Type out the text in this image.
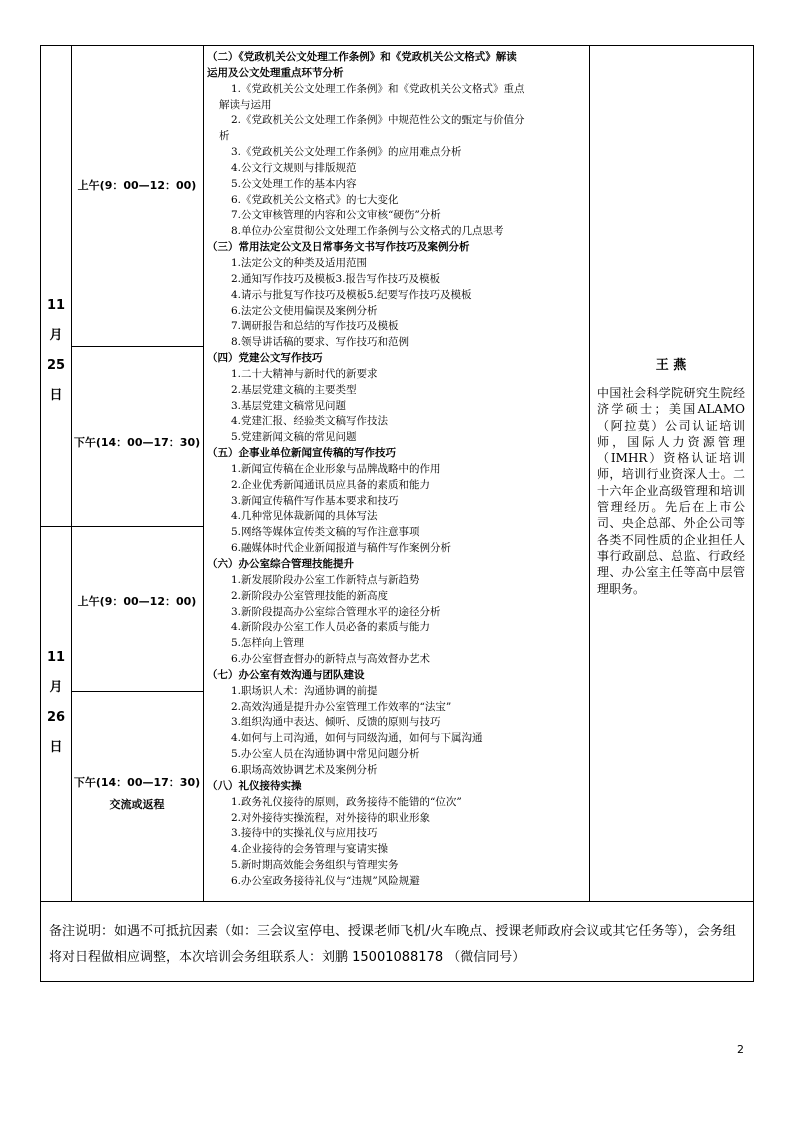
11
月
25
日
11
月
26
日
上午(9：00—12：00)
下午(14：00—17：30)
上午(9：00—12：00)
下午(14：00—17：30)
交流或返程
（二）《党政机关公文处理工作条例》和《党政机关公文格式》解读
运用及公文处理重点环节分析
1.《党政机关公文处理工作条例》和《党政机关公文格式》重点
解读与运用
2.《党政机关公文处理工作条例》中规范性公文的甄定与价值分
析
3.《党政机关公文处理工作条例》的应用难点分析
4.公文行文规则与排版规范
5.公文处理工作的基本内容
6.《党政机关公文格式》的七大变化
7.公文审核管理的内容和公文审核“硬伤”分析
8.单位办公室贯彻公文处理工作条例与公文格式的几点思考
（三）常用法定公文及日常事务文书写作技巧及案例分析
1.法定公文的种类及适用范围
2.通知写作技巧及模板3.报告写作技巧及模板
4.请示与批复写作技巧及模板5.纪要写作技巧及模板
6.法定公文使用偏误及案例分析
7.调研报告和总结的写作技巧及模板
8.领导讲话稿的要求、写作技巧和范例
（四）党建公文写作技巧
1.二十大精神与新时代的新要求
2.基层党建文稿的主要类型
3.基层党建文稿常见问题
4.党建汇报、经验类文稿写作技法
5.党建新闻文稿的常见问题
（五）企事业单位新闻宣传稿的写作技巧
1.新闻宣传稿在企业形象与品牌战略中的作用
2.企业优秀新闻通讯员应具备的素质和能力
3.新闻宣传稿件写作基本要求和技巧
4.几种常见体裁新闻的具体写法
5.网络等媒体宣传类文稿的写作注意事项
6.融媒体时代企业新闻报道与稿件写作案例分析
（六）办公室综合管理技能提升
1.新发展阶段办公室工作新特点与新趋势
2.新阶段办公室管理技能的新高度
3.新阶段提高办公室综合管理水平的途径分析
4.新阶段办公室工作人员必备的素质与能力
5.怎样向上管理
6.办公室督查督办的新特点与高效督办艺术
（七）办公室有效沟通与团队建设
1.职场识人术：沟通协调的前提
2.高效沟通是提升办公室管理工作效率的“法宝”
3.组织沟通中表达、倾听、反馈的原则与技巧
4.如何与上司沟通，如何与同级沟通，如何与下属沟通
5.办公室人员在沟通协调中常见问题分析
6.职场高效协调艺术及案例分析
（八）礼仪接待实操
1.政务礼仪接待的原则，政务接待不能错的“位次”
2.对外接待实操流程，对外接待的职业形象
3.接待中的实操礼仪与应用技巧
4.企业接待的会务管理与宴请实操
5.新时期高效能会务组织与管理实务
6.办公室政务接待礼仪与“违规”风险规避
王 燕
中国社会科学院研究生院经济学硕士；美国ALAMO（阿拉莫）公司认证培训师，国际人力资源管理（IMHR）资格认证培训师，培训行业资深人士。二十六年企业高级管理和培训管理经历。先后在上市公司、央企总部、外企公司等各类不同性质的企业担任人事行政副总、总监、行政经理、办公室主任等高中层管理职务。
备注说明：如遇不可抵抗因素（如：三会议室停电、授课老师飞机/火车晚点、授课老师政府会议或其它任务等），会务组将对日程做相应调整，本次培训会务组联系人：刘鹏 15001088178 （微信同号）
2
